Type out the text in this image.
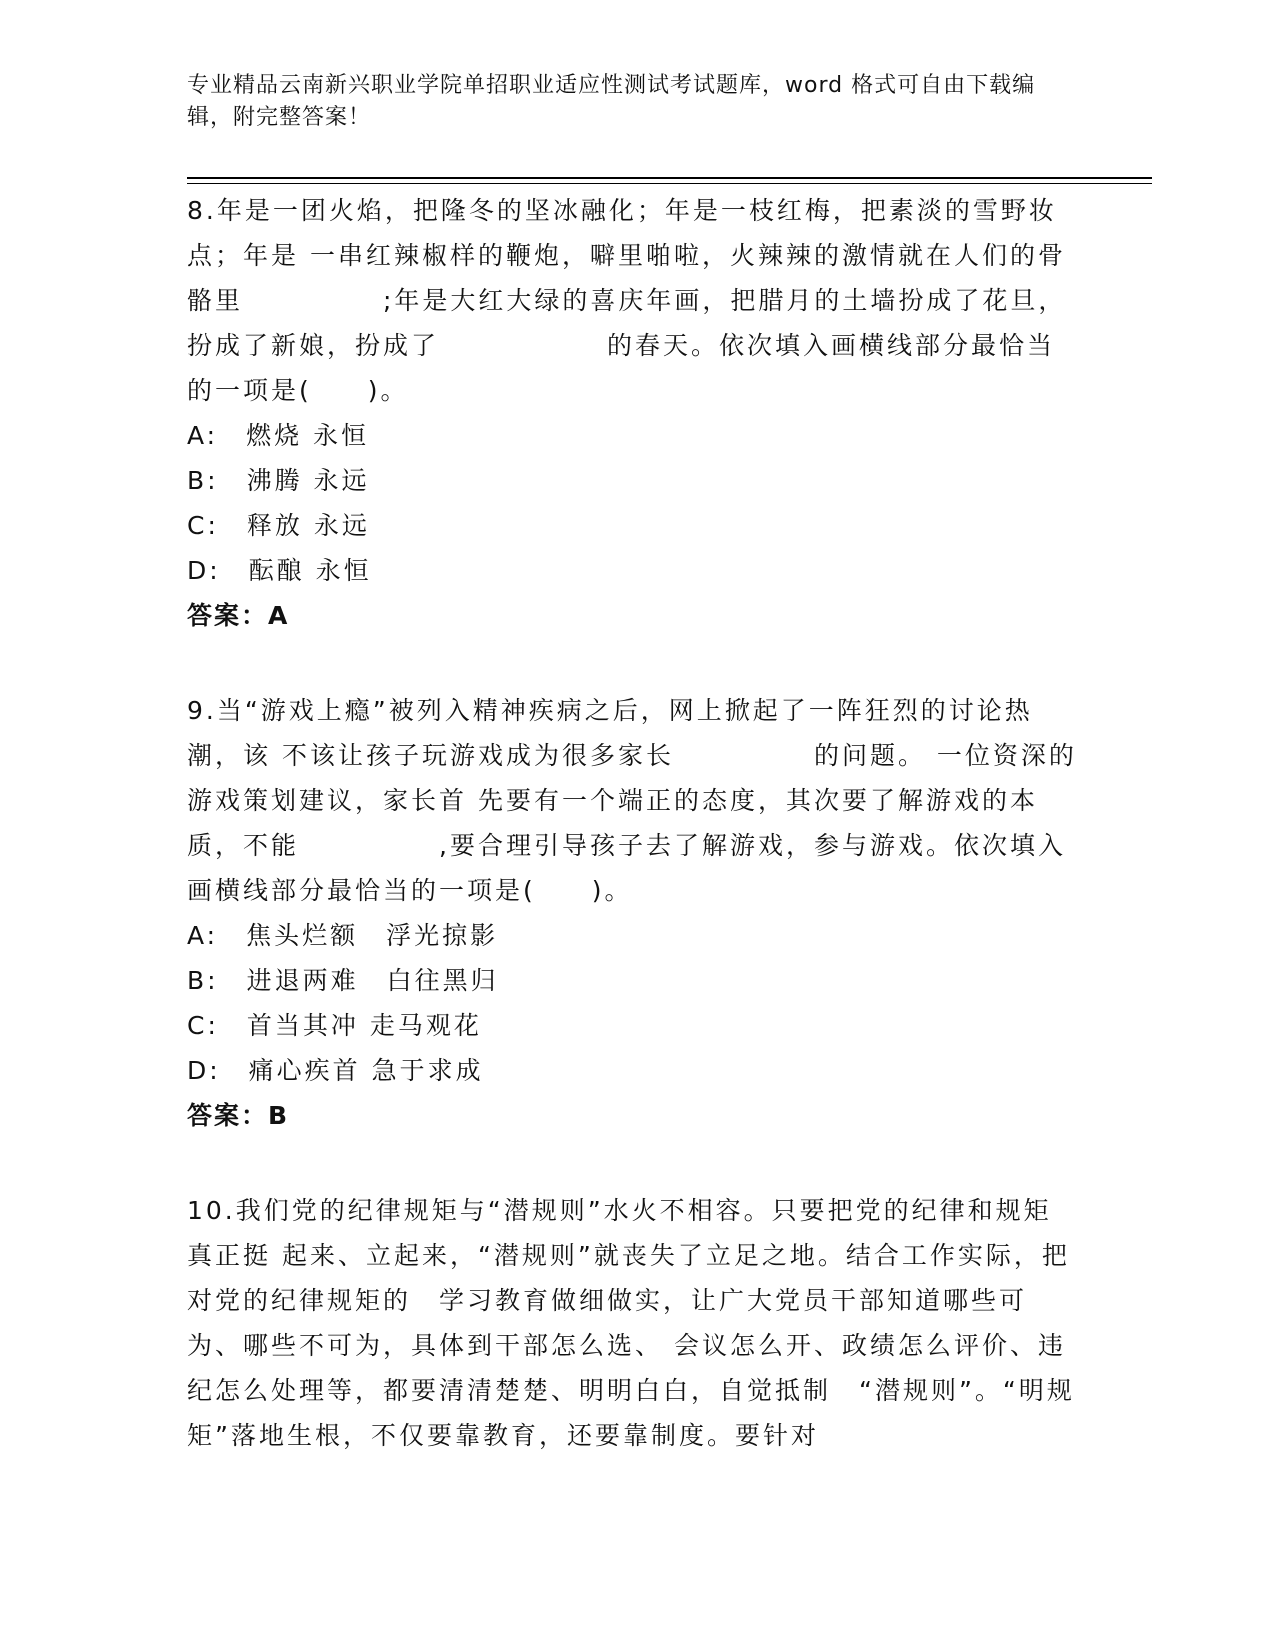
专业精品云南新兴职业学院单招职业适应性测试考试题库，word 格式可自由下载编辑，附完整答案！

8.年是一团火焰，把隆冬的坚冰融化；年是一枝红梅，把素淡的雪野妆点；年是 一串红辣椒样的鞭炮，噼里啪啦，火辣辣的激情就在人们的骨骼里　　　　　;年是大红大绿的喜庆年画，把腊月的土墙扮成了花旦，扮成了新娘，扮成了　　　　　　的春天。依次填入画横线部分最恰当的一项是(　　)。

A:　燃烧 永恒
B:　沸腾 永远
C:　释放 永远
D:　酝酿 永恒
答案：A

9.当“游戏上瘾”被列入精神疾病之后，网上掀起了一阵狂烈的讨论热潮，该 不该让孩子玩游戏成为很多家长　　　　　的问题。 一位资深的游戏策划建议，家长首 先要有一个端正的态度，其次要了解游戏的本质，不能　　　　　,要合理引导孩子去了解游戏，参与游戏。依次填入画横线部分最恰当的一项是(　　)。

A:　焦头烂额　浮光掠影
B:　进退两难　白往黑归
C:　首当其冲 走马观花
D:　痛心疾首 急于求成
答案：B

10.我们党的纪律规矩与“潜规则”水火不相容。只要把党的纪律和规矩真正挺 起来、立起来，“潜规则”就丧失了立足之地。结合工作实际，把对党的纪律规矩的　学习教育做细做实，让广大党员干部知道哪些可为、哪些不可为，具体到干部怎么选、 会议怎么开、政绩怎么评价、违纪怎么处理等，都要清清楚楚、明明白白，自觉抵制　“潜规则”。“明规矩”落地生根，不仅要靠教育，还要靠制度。要针对
